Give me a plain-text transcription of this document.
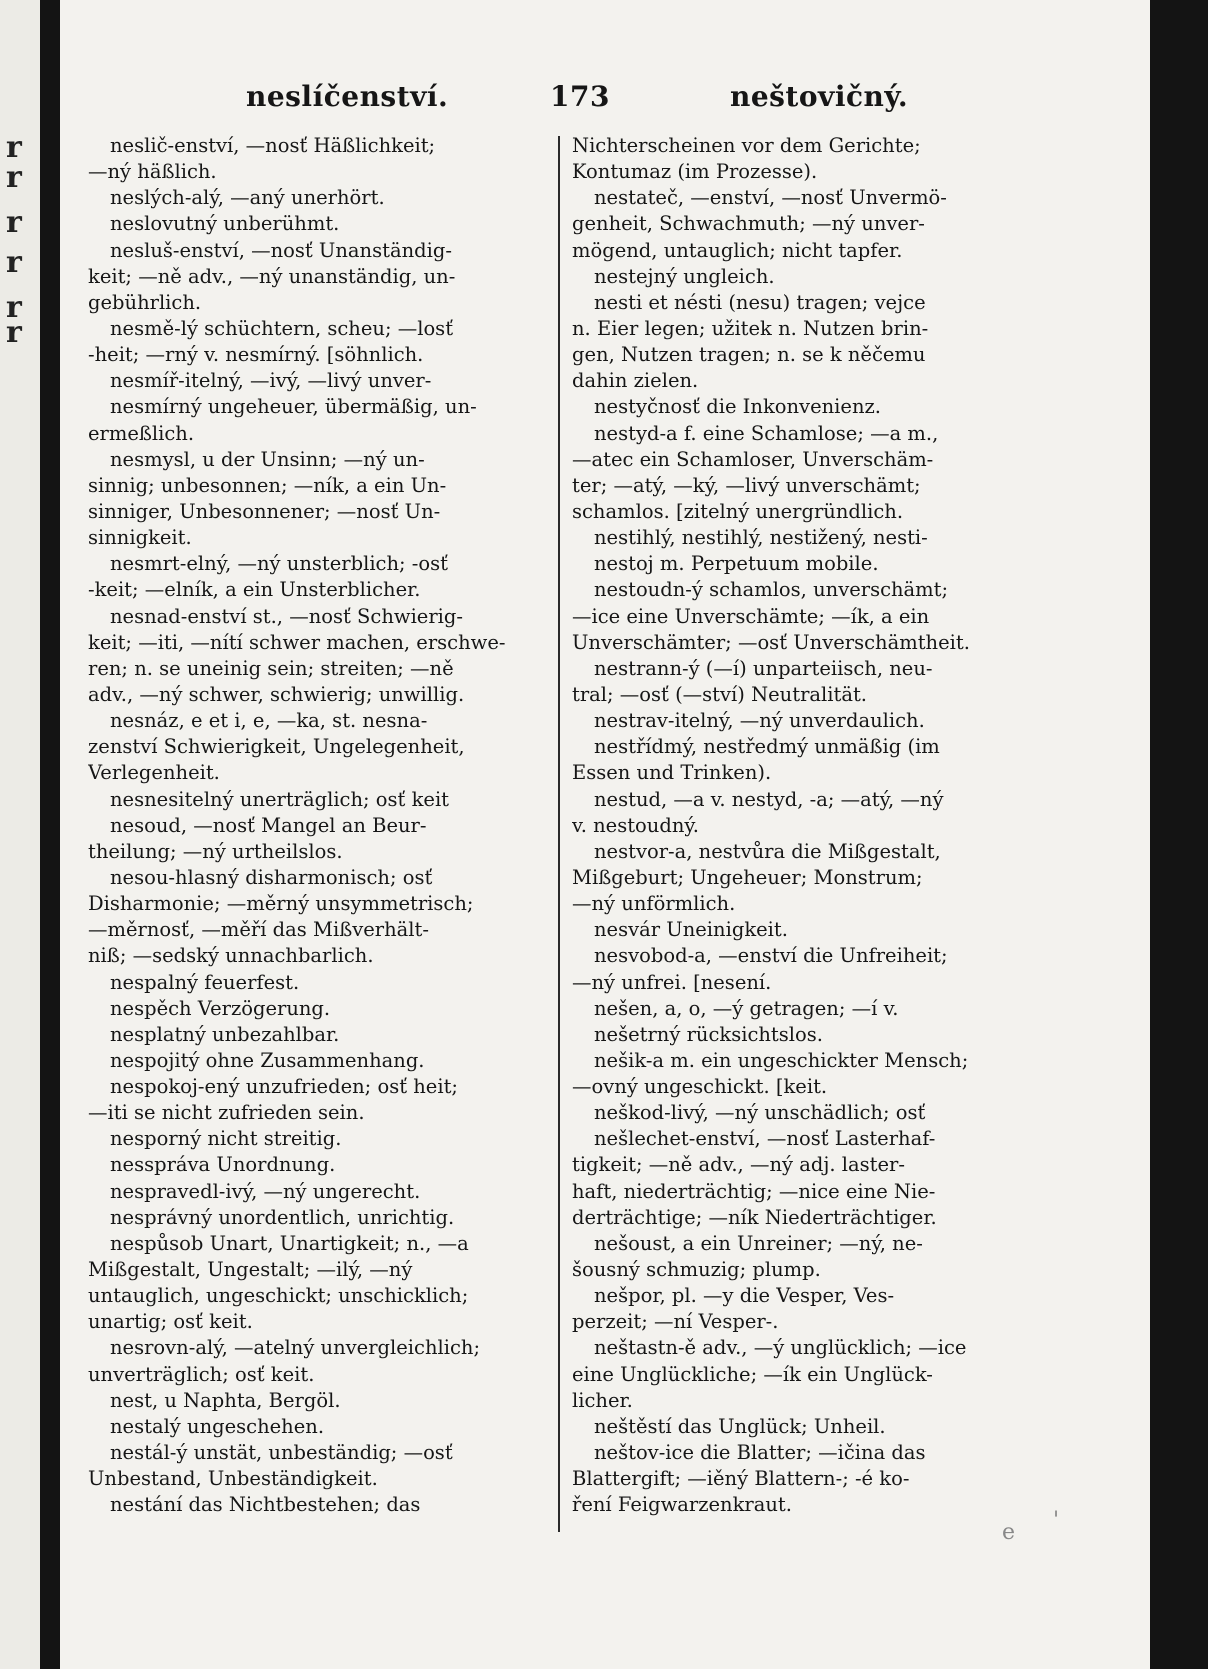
r
r
r
r
r
r
neslíčenství.	173	neštovičný.
neslič-enství, —nosť Häßlichkeit;
—ný häßlich.
neslých-alý, —aný unerhört.
neslovutný unberühmt.
nesluš-enství, —nosť Unanständig-
keit; —ně adv., —ný unanständig, un-
gebührlich.
nesmě-lý schüchtern, scheu; —losť
-heit; —rný v. nesmírný. [söhnlich.
nesmíř-itelný, —ivý, —livý unver-
nesmírný ungeheuer, übermäßig, un-
ermeßlich.
nesmysl, u der Unsinn; —ný un-
sinnig; unbesonnen; —ník, a ein Un-
sinniger, Unbesonnener; —nosť Un-
sinnigkeit.
nesmrt-elný, —ný unsterblich; -osť
-keit; —elník, a ein Unsterblicher.
nesnad-enství st., —nosť Schwierig-
keit; —iti, —nítí schwer machen, erschwe-
ren; n. se uneinig sein; streiten; —ně
adv., —ný schwer, schwierig; unwillig.
nesnáz, e et i, e, —ka, st. nesna-
zenství Schwierigkeit, Ungelegenheit,
Verlegenheit.
nesnesitelný unerträglich; osť keit
nesoud, —nosť Mangel an Beur-
theilung; —ný urtheilslos.
nesou-hlasný disharmonisch; osť
Disharmonie; —měrný unsymmetrisch;
—měrnosť, —měří das Mißverhält-
niß; —sedský unnachbarlich.
nespalný feuerfest.
nespěch Verzögerung.
nesplatný unbezahlbar.
nespojitý ohne Zusammenhang.
nespokoj-ený unzufrieden; osť heit;
—iti se nicht zufrieden sein.
nesporný nicht streitig.
nesspráva Unordnung.
nespravedl-ivý, —ný ungerecht.
nesprávný unordentlich, unrichtig.
nespůsob Unart, Unartigkeit; n., —a
Mißgestalt, Ungestalt; —ilý, —ný
untauglich, ungeschickt; unschicklich;
unartig; osť keit.
nesrovn-alý, —atelný unvergleichlich;
unverträglich; osť keit.
nest, u Naphta, Bergöl.
nestalý ungeschehen.
nestál-ý unstät, unbeständig; —osť
Unbestand, Unbeständigkeit.
nestání das Nichtbestehen; das
Nichterscheinen vor dem Gerichte;
Kontumaz (im Prozesse).
nestateč, —enství, —nosť Unvermö-
genheit, Schwachmuth; —ný unver-
mögend, untauglich; nicht tapfer.
nestejný ungleich.
nesti et nésti (nesu) tragen; vejce
n. Eier legen; užitek n. Nutzen brin-
gen, Nutzen tragen; n. se k něčemu
dahin zielen.
nestyčnosť die Inkonvenienz.
nestyd-a f. eine Schamlose; —a m.,
—atec ein Schamloser, Unverschäm-
ter; —atý, —ký, —livý unverschämt;
schamlos. [zitelný unergründlich.
nestihlý, nestihlý, nestižený, nesti-
nestoj m. Perpetuum mobile.
nestoudn-ý schamlos, unverschämt;
—ice eine Unverschämte; —ík, a ein
Unverschämter; —osť Unverschämtheit.
nestrann-ý (—í) unparteiisch, neu-
tral; —osť (—ství) Neutralität.
nestrav-itelný, —ný unverdaulich.
nestřídmý, nestředmý unmäßig (im
Essen und Trinken).
nestud, —a v. nestyd, -a; —atý, —ný
v. nestoudný.
nestvor-a, nestvůra die Mißgestalt,
Mißgeburt; Ungeheuer; Monstrum;
—ný unförmlich.
nesvár Uneinigkeit.
nesvobod-a, —enství die Unfreiheit;
—ný unfrei. [nesení.
nešen, a, o, —ý getragen; —í v.
nešetrný rücksichtslos.
nešik-a m. ein ungeschickter Mensch;
—ovný ungeschickt. [keit.
neškod-livý, —ný unschädlich; osť
nešlechet-enství, —nosť Lasterhaf-
tigkeit; —ně adv., —ný adj. laster-
haft, niederträchtig; —nice eine Nie-
derträchtige; —ník Niederträchtiger.
nešoust, a ein Unreiner; —ný, ne-
šousný schmuzig; plump.
nešpor, pl. —y die Vesper, Ves-
perzeit; —ní Vesper-.
neštastn-ě adv., —ý unglücklich; —ice
eine Unglückliche; —ík ein Unglück-
licher.
neštěstí das Unglück; Unheil.
neštov-ice die Blatter; —ičina das
Blattergift; —iěný Blattern-; -é ko-
ření Feigwarzenkraut.
e '
